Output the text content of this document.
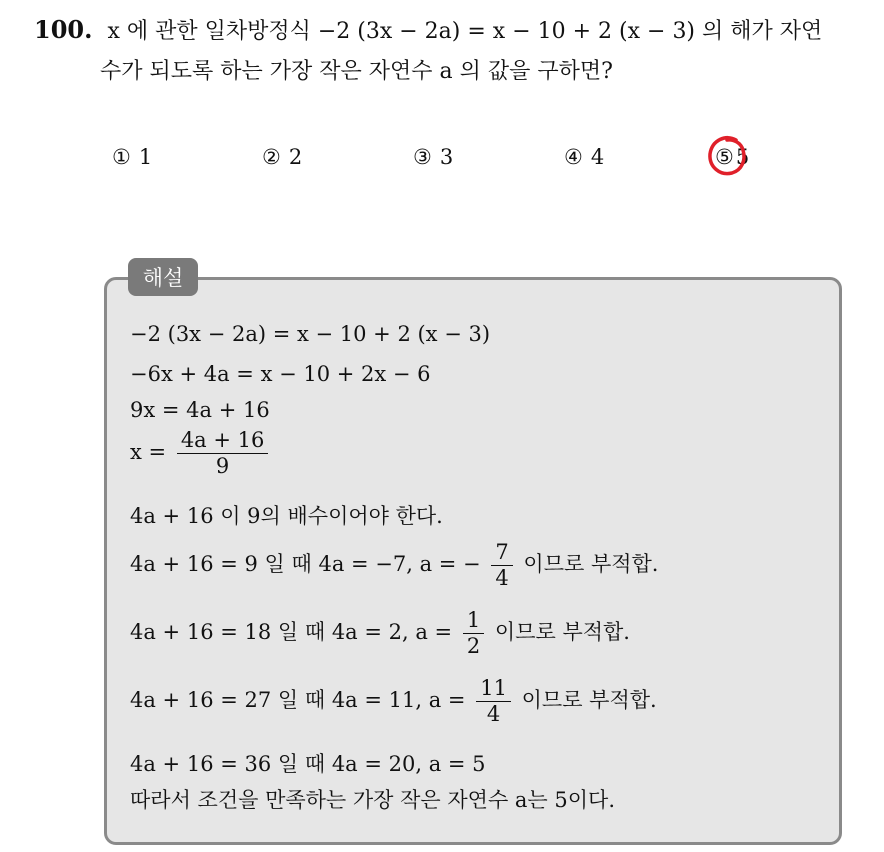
100. x 에 관한 일차방정식 −2 (3x − 2a) = x − 10 + 2 (x − 3) 의 해가 자연
수가 되도록 하는 가장 작은 자연수 a 의 값을 구하면?
① 1	② 2	③ 3	④ 4	⑤5
해설
−2 (3x − 2a) = x − 10 + 2 (x − 3)
−6x + 4a = x − 10 + 2x − 6
9x = 4a + 16
$x = \frac{4a + 16}{9}$
4a + 16 이 9의 배수이어야 한다.
4a + 16 = 9 일 때 4a = −7, a = − $\frac{7}{4}$ 이므로 부적합.
4a + 16 = 18 일 때 4a = 2, $a = \frac{1}{2}$ 이므로 부적합.
4a + 16 = 27 일 때 4a = 11, $a = \frac{11}{4}$ 이므로 부적합.
4a + 16 = 36 일 때 4a = 20, a = 5
따라서 조건을 만족하는 가장 작은 자연수 a는 5이다.
